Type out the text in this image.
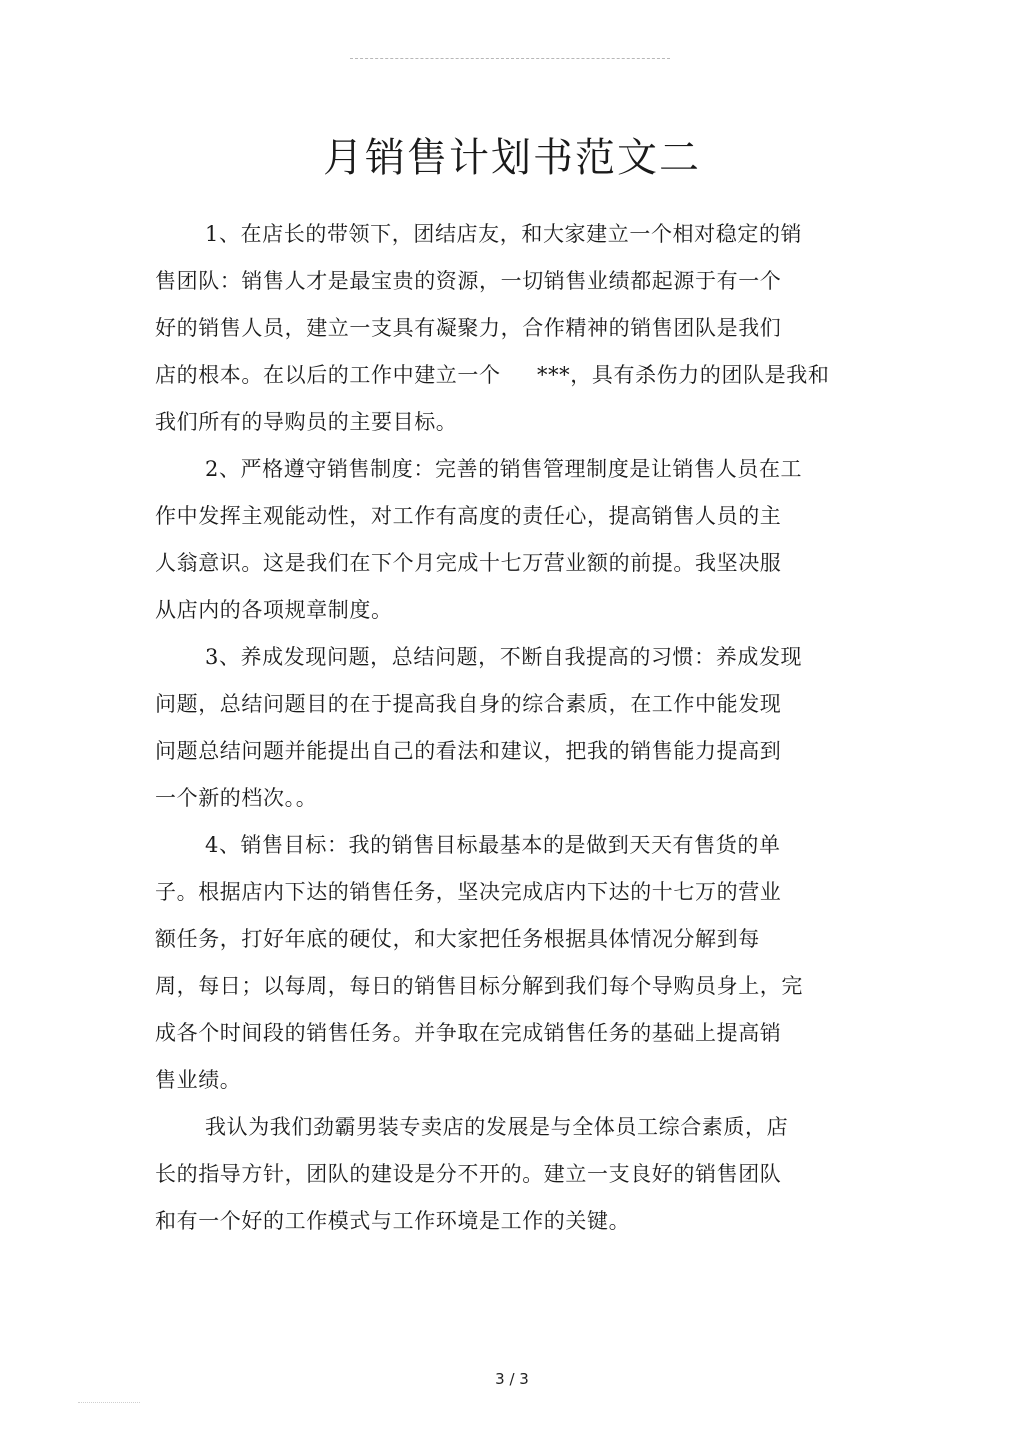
月销售计划书范文二
1、在店长的带领下，团结店友，和大家建立一个相对稳定的销
售团队：销售人才是最宝贵的资源，一切销售业绩都起源于有一个
好的销售人员，建立一支具有凝聚力，合作精神的销售团队是我们
店的根本。在以后的工作中建立一个     ***，具有杀伤力的团队是我和
我们所有的导购员的主要目标。
2、严格遵守销售制度：完善的销售管理制度是让销售人员在工
作中发挥主观能动性，对工作有高度的责任心，提高销售人员的主
人翁意识。这是我们在下个月完成十七万营业额的前提。我坚决服
从店内的各项规章制度。
3、养成发现问题，总结问题，不断自我提高的习惯：养成发现
问题，总结问题目的在于提高我自身的综合素质，在工作中能发现
问题总结问题并能提出自己的看法和建议，把我的销售能力提高到
一个新的档次。。
4、销售目标：我的销售目标最基本的是做到天天有售货的单
子。根据店内下达的销售任务，坚决完成店内下达的十七万的营业
额任务，打好年底的硬仗，和大家把任务根据具体情况分解到每
周，每日；以每周，每日的销售目标分解到我们每个导购员身上，完
成各个时间段的销售任务。并争取在完成销售任务的基础上提高销
售业绩。
我认为我们劲霸男装专卖店的发展是与全体员工综合素质，店
长的指导方针，团队的建设是分不开的。建立一支良好的销售团队
和有一个好的工作模式与工作环境是工作的关键。
3 / 3
